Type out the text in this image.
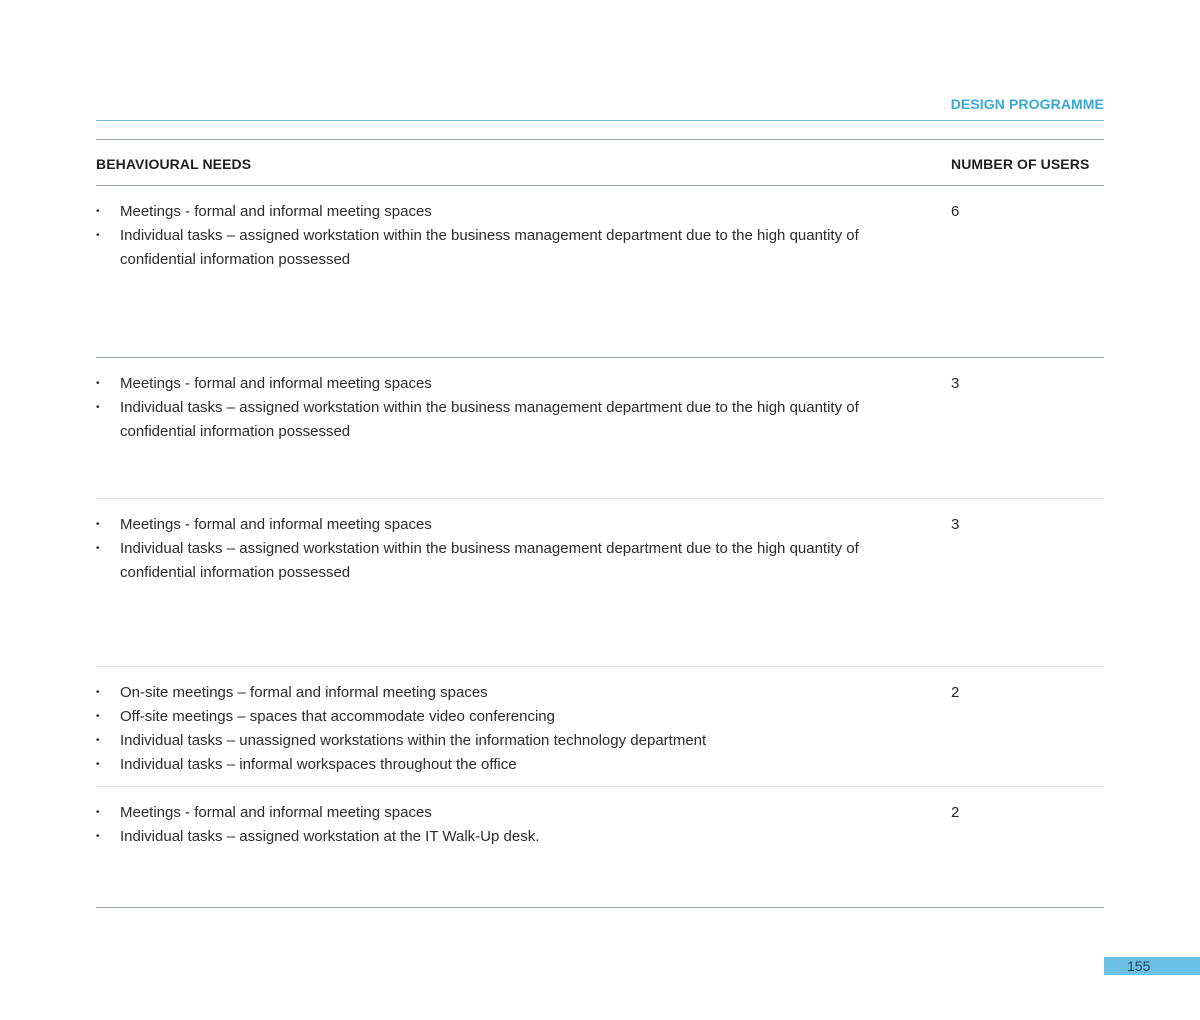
DESIGN PROGRAMME
BEHAVIOURAL NEEDS	NUMBER OF USERS
•	Meetings - formal and informal meeting spaces
•	Individual tasks – assigned workstation within the business management department due to the high quantity of confidential information possessed
6
•	Meetings - formal and informal meeting spaces
•	Individual tasks – assigned workstation within the business management department due to the high quantity of confidential information possessed
3
•	Meetings - formal and informal meeting spaces
•	Individual tasks – assigned workstation within the business management department due to the high quantity of confidential information possessed
3
•	On-site meetings – formal and informal meeting spaces
•	Off-site meetings – spaces that accommodate video conferencing
•	Individual tasks – unassigned workstations within the information technology department
•	Individual tasks – informal workspaces throughout the office
2
•	Meetings - formal and informal meeting spaces
•	Individual tasks – assigned workstation at the IT Walk-Up desk.
2
155
